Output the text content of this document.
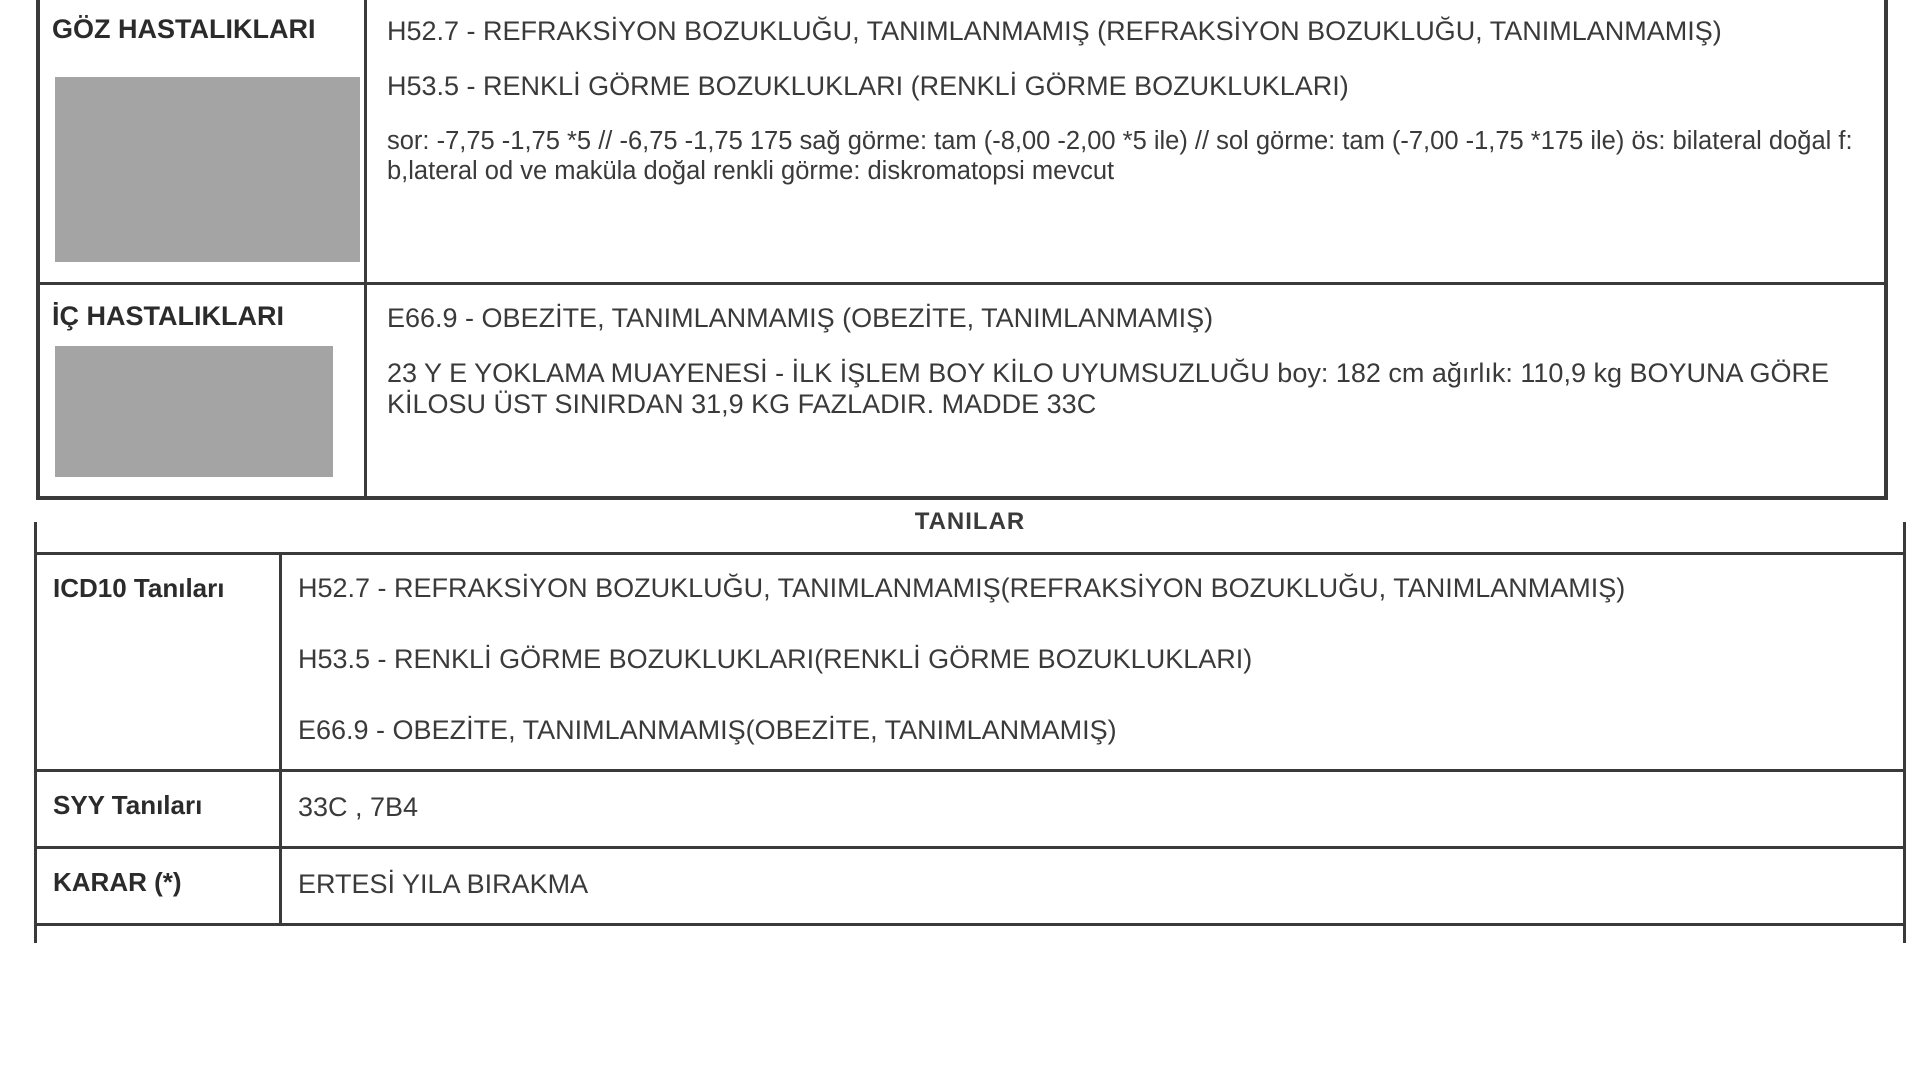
GÖZ HASTALIKLARI	H52.7 - REFRAKSİYON BOZUKLUĞU, TANIMLANMAMIŞ (REFRAKSİYON BOZUKLUĞU, TANIMLANMAMIŞ)
H53.5 - RENKLİ GÖRME BOZUKLUKLARI (RENKLİ GÖRME BOZUKLUKLARI)
sor: -7,75 -1,75 *5 // -6,75 -1,75 175 sağ görme: tam (-8,00 -2,00 *5 ile) // sol görme: tam (-7,00 -1,75 *175 ile) ös: bilateral doğal f: b,lateral od ve maküla doğal renkli görme: diskromatopsi mevcut
İÇ HASTALIKLARI	E66.9 - OBEZİTE, TANIMLANMAMIŞ (OBEZİTE, TANIMLANMAMIŞ)
23 Y E YOKLAMA MUAYENESİ - İLK İŞLEM BOY KİLO UYUMSUZLUĞU boy: 182 cm ağırlık: 110,9 kg BOYUNA GÖRE KİLOSU ÜST SINIRDAN 31,9 KG FAZLADIR. MADDE 33C
TANILAR
ICD10 Tanıları	H52.7 - REFRAKSİYON BOZUKLUĞU, TANIMLANMAMIŞ(REFRAKSİYON BOZUKLUĞU, TANIMLANMAMIŞ)
H53.5 - RENKLİ GÖRME BOZUKLUKLARI(RENKLİ GÖRME BOZUKLUKLARI)
E66.9 - OBEZİTE, TANIMLANMAMIŞ(OBEZİTE, TANIMLANMAMIŞ)
SYY Tanıları	33C , 7B4
KARAR (*)	ERTESİ YILA BIRAKMA
